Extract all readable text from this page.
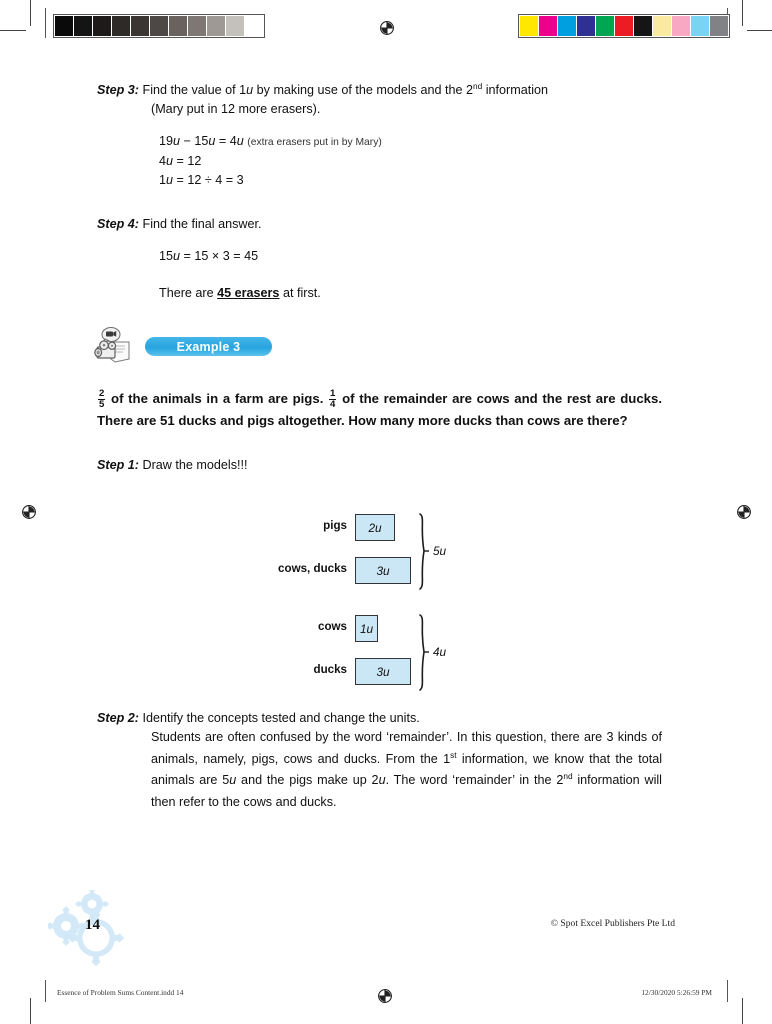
Step 3: Find the value of 1u by making use of the models and the 2nd information

(Mary put in 12 more erasers).

19u − 15u = 4u (extra erasers put in by Mary)
4u = 12
1u = 12 ÷ 4 = 3

Step 4: Find the final answer.

15u = 15 × 3 = 45
There are 45 erasers at first.
Example 3
$\frac{2}{5}$ of the animals in a farm are pigs. $\frac{1}{4}$ of the remainder are cows and the rest are ducks. There are 51 ducks and pigs altogether. How many more ducks than cows are there?

Step 1: Draw the models!!!

pigs 2u
cows, ducks 3u
5u
cows 1u
ducks 3u
4u

Step 2: Identify the concepts tested and change the units.

Students are often confused by the word ‘remainder’. In this question, there are 3 kinds of animals, namely, pigs, cows and ducks. From the 1st information, we know that the total animals are 5u and the pigs make up 2u. The word ‘remainder’ in the 2nd information will then refer to the cows and ducks.

14	© Spot Excel Publishers Pte Ltd
Essence of Problem Sums Content.indd 14	12/30/2020 5:26:59 PM
